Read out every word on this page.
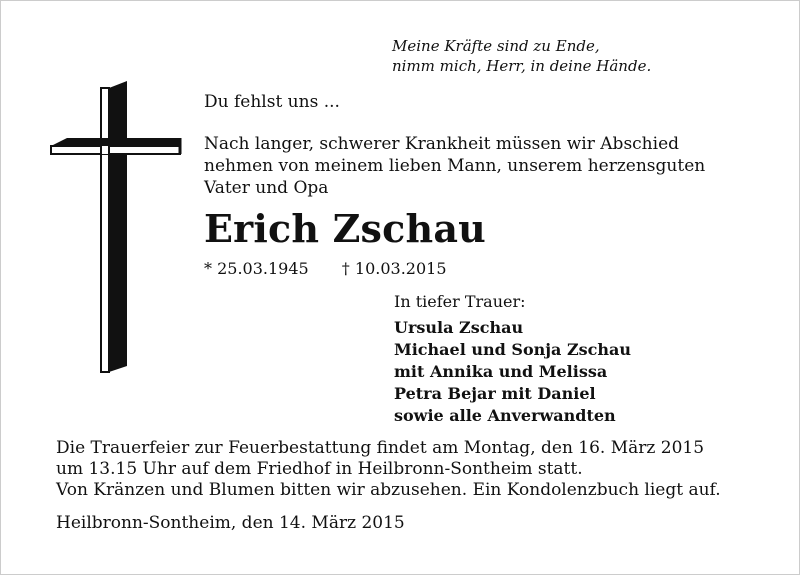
Meine Kräfte sind zu Ende,
nimm mich, Herr, in deine Hände.
Du fehlst uns ...
Nach langer, schwerer Krankheit müssen wir Abschied
nehmen von meinem lieben Mann, unserem herzensguten
Vater und Opa
Erich Zschau
* 25.03.1945 † 10.03.2015
In tiefer Trauer:
Ursula Zschau
Michael und Sonja Zschau
mit Annika und Melissa
Petra Bejar mit Daniel
sowie alle Anverwandten
Die Trauerfeier zur Feuerbestattung findet am Montag, den 16. März 2015
um 13.15 Uhr auf dem Friedhof in Heilbronn-Sontheim statt.
Von Kränzen und Blumen bitten wir abzusehen. Ein Kondolenzbuch liegt auf.
Heilbronn-Sontheim, den 14. März 2015
